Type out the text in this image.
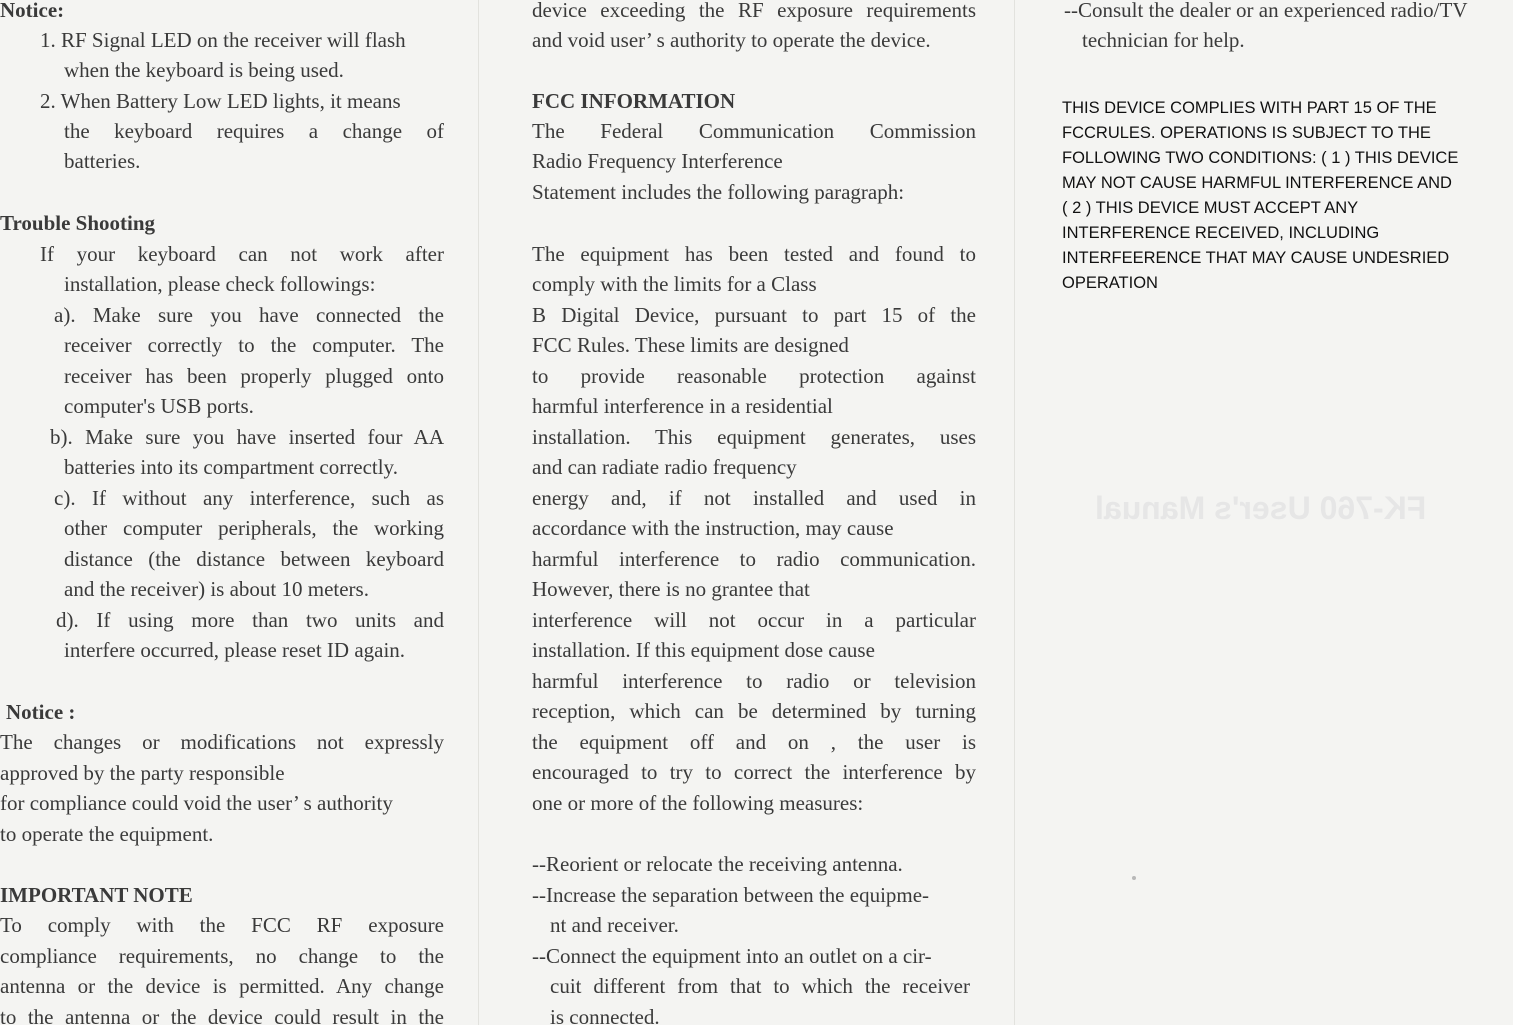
Notice:
1. RF Signal LED on the receiver will flash
when the keyboard is being used.
2. When Battery Low LED lights, it means
the keyboard requires a change of
batteries.
Trouble Shooting
If your keyboard can not work after
installation, please check followings:
a). Make sure you have connected the
receiver correctly to the computer. The
receiver has been properly plugged onto
computer's USB ports.
b). Make sure you have inserted four AA
batteries into its compartment correctly.
c). If without any interference, such as
other computer peripherals, the working
distance (the distance between keyboard
and the receiver) is about 10 meters.
d). If using more than two units and
interfere occurred, please reset ID again.
Notice :
The changes or modifications not expressly
approved by the party responsible
for compliance could void the user’ s authority
to operate the equipment.
IMPORTANT NOTE
To comply with the FCC RF exposure
compliance requirements, no change to the
antenna or the device is permitted. Any change
to the antenna or the device could result in the
device exceeding the RF exposure requirements
and void user’ s authority to operate the device.
FCC INFORMATION
The Federal Communication Commission
Radio Frequency Interference
Statement includes the following paragraph:
The equipment has been tested and found to
comply with the limits for a Class
B Digital Device, pursuant to part 15 of the
FCC Rules. These limits are designed
to provide reasonable protection against
harmful interference in a residential
installation. This equipment generates, uses
and can radiate radio frequency
energy and, if not installed and used in
accordance with the instruction, may cause
harmful interference to radio communication.
However, there is no grantee that
interference will not occur in a particular
installation. If this equipment dose cause
harmful interference to radio or television
reception, which can be determined by turning
the equipment off and on , the user is
encouraged to try to correct the interference by
one or more of the following measures:
--Reorient or relocate the receiving antenna.
--Increase the separation between the equipme-
nt and receiver.
--Connect the equipment into an outlet on a cir-
cuit different from that to which the receiver
is connected.
--Consult the dealer or an experienced radio/TV
technician for help.
THIS DEVICE COMPLIES WITH PART 15 OF THE
FCCRULES. OPERATIONS IS SUBJECT TO THE
FOLLOWING TWO CONDITIONS: ( 1 ) THIS DEVICE
MAY NOT CAUSE HARMFUL INTERFERENCE AND
( 2 ) THIS DEVICE MUST ACCEPT ANY
INTERFERENCE RECEIVED, INCLUDING
INTERFEERENCE THAT MAY CAUSE UNDESRIED
OPERATION
FK-760 User's Manual
